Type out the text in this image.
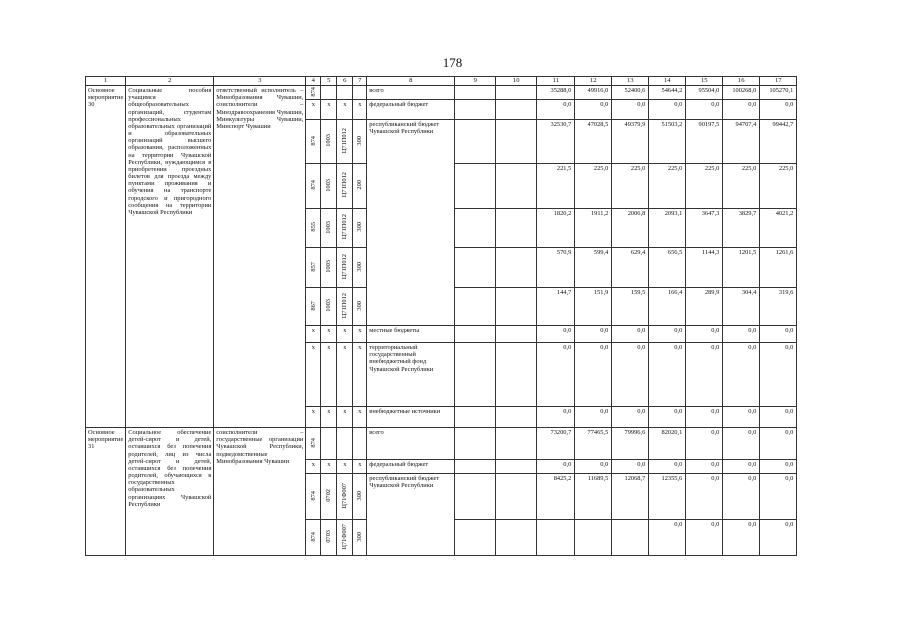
178
1	2	3	4	5	6	7	8	9	10	11	12	13	14	15	16	17
Основное мероприятие 30	Социальные пособия учащимся общеобразовательных организаций, студентам профессиональных образовательных организаций и образовательных организаций высшего образования, расположенных на территории Чувашской Республики, нуждающимся в приобретении проездных билетов для проезда между пунктами проживания и обучения на транспорте городского и пригородного сообщения на территории Чувашской Республики	ответственный исполнитель – Минобразования Чувашии, соисполнители – Минздравоохранения Чувашии, Минкультуры Чувашии, Минспорт Чувашии	874				всего			35288,0	49916,0	52400,6	54644,2	95504,0	100268,0	105270,1
			x	x	x	x	федеральный бюджет			0,0	0,0	0,0	0,0	0,0	0,0	0,0
			874	1003	Ц71П012	300	республиканский бюджет Чувашской Республики			32530,7	47028,5	49379,9	51503,2	90197,5	94707,4	99442,7
			874	1003	Ц71П012	200				221,5	225,0	225,0	225,0	225,0	225,0	225,0
			855	1003	Ц71П012	300				1820,2	1911,2	2006,8	2093,1	3647,3	3829,7	4021,2
			857	1003	Ц71П012	300				570,9	599,4	629,4	656,5	1144,3	1201,5	1261,6
			867	1003	Ц71П012	300				144,7	151,9	159,5	166,4	289,9	304,4	319,6
			x	x	x	x	местные бюджеты			0,0	0,0	0,0	0,0	0,0	0,0	0,0
			x	x	x	x	территориальный государственный внебюджетный фонд Чувашской Республики			0,0	0,0	0,0	0,0	0,0	0,0	0,0
			x	x	x	x	внебюджетные источники			0,0	0,0	0,0	0,0	0,0	0,0	0,0
Основное мероприятие 31	Социальное обеспечение детей-сирот и детей, оставшихся без попечения родителей, лиц из числа детей-сирот и детей, оставшихся без попечения родителей, обучающихся в государственных образовательных организациях Чувашской Республики	соисполнители – государственные организации Чувашской Республики, подведомственные Минобразования Чувашии	874				всего			73200,7	77465,5	79996,6	82020,1	0,0	0,0	0,0
			x	x	x	x	федеральный бюджет			0,0	0,0	0,0	0,0	0,0	0,0	0,0
			874	0702	Ц71Ф007	300	республиканский бюджет Чувашской Республики			8425,2	11689,5	12068,7	12355,6	0,0	0,0	0,0
			874	0703	Ц71Ф007	300							0,0	0,0	0,0	0,0
